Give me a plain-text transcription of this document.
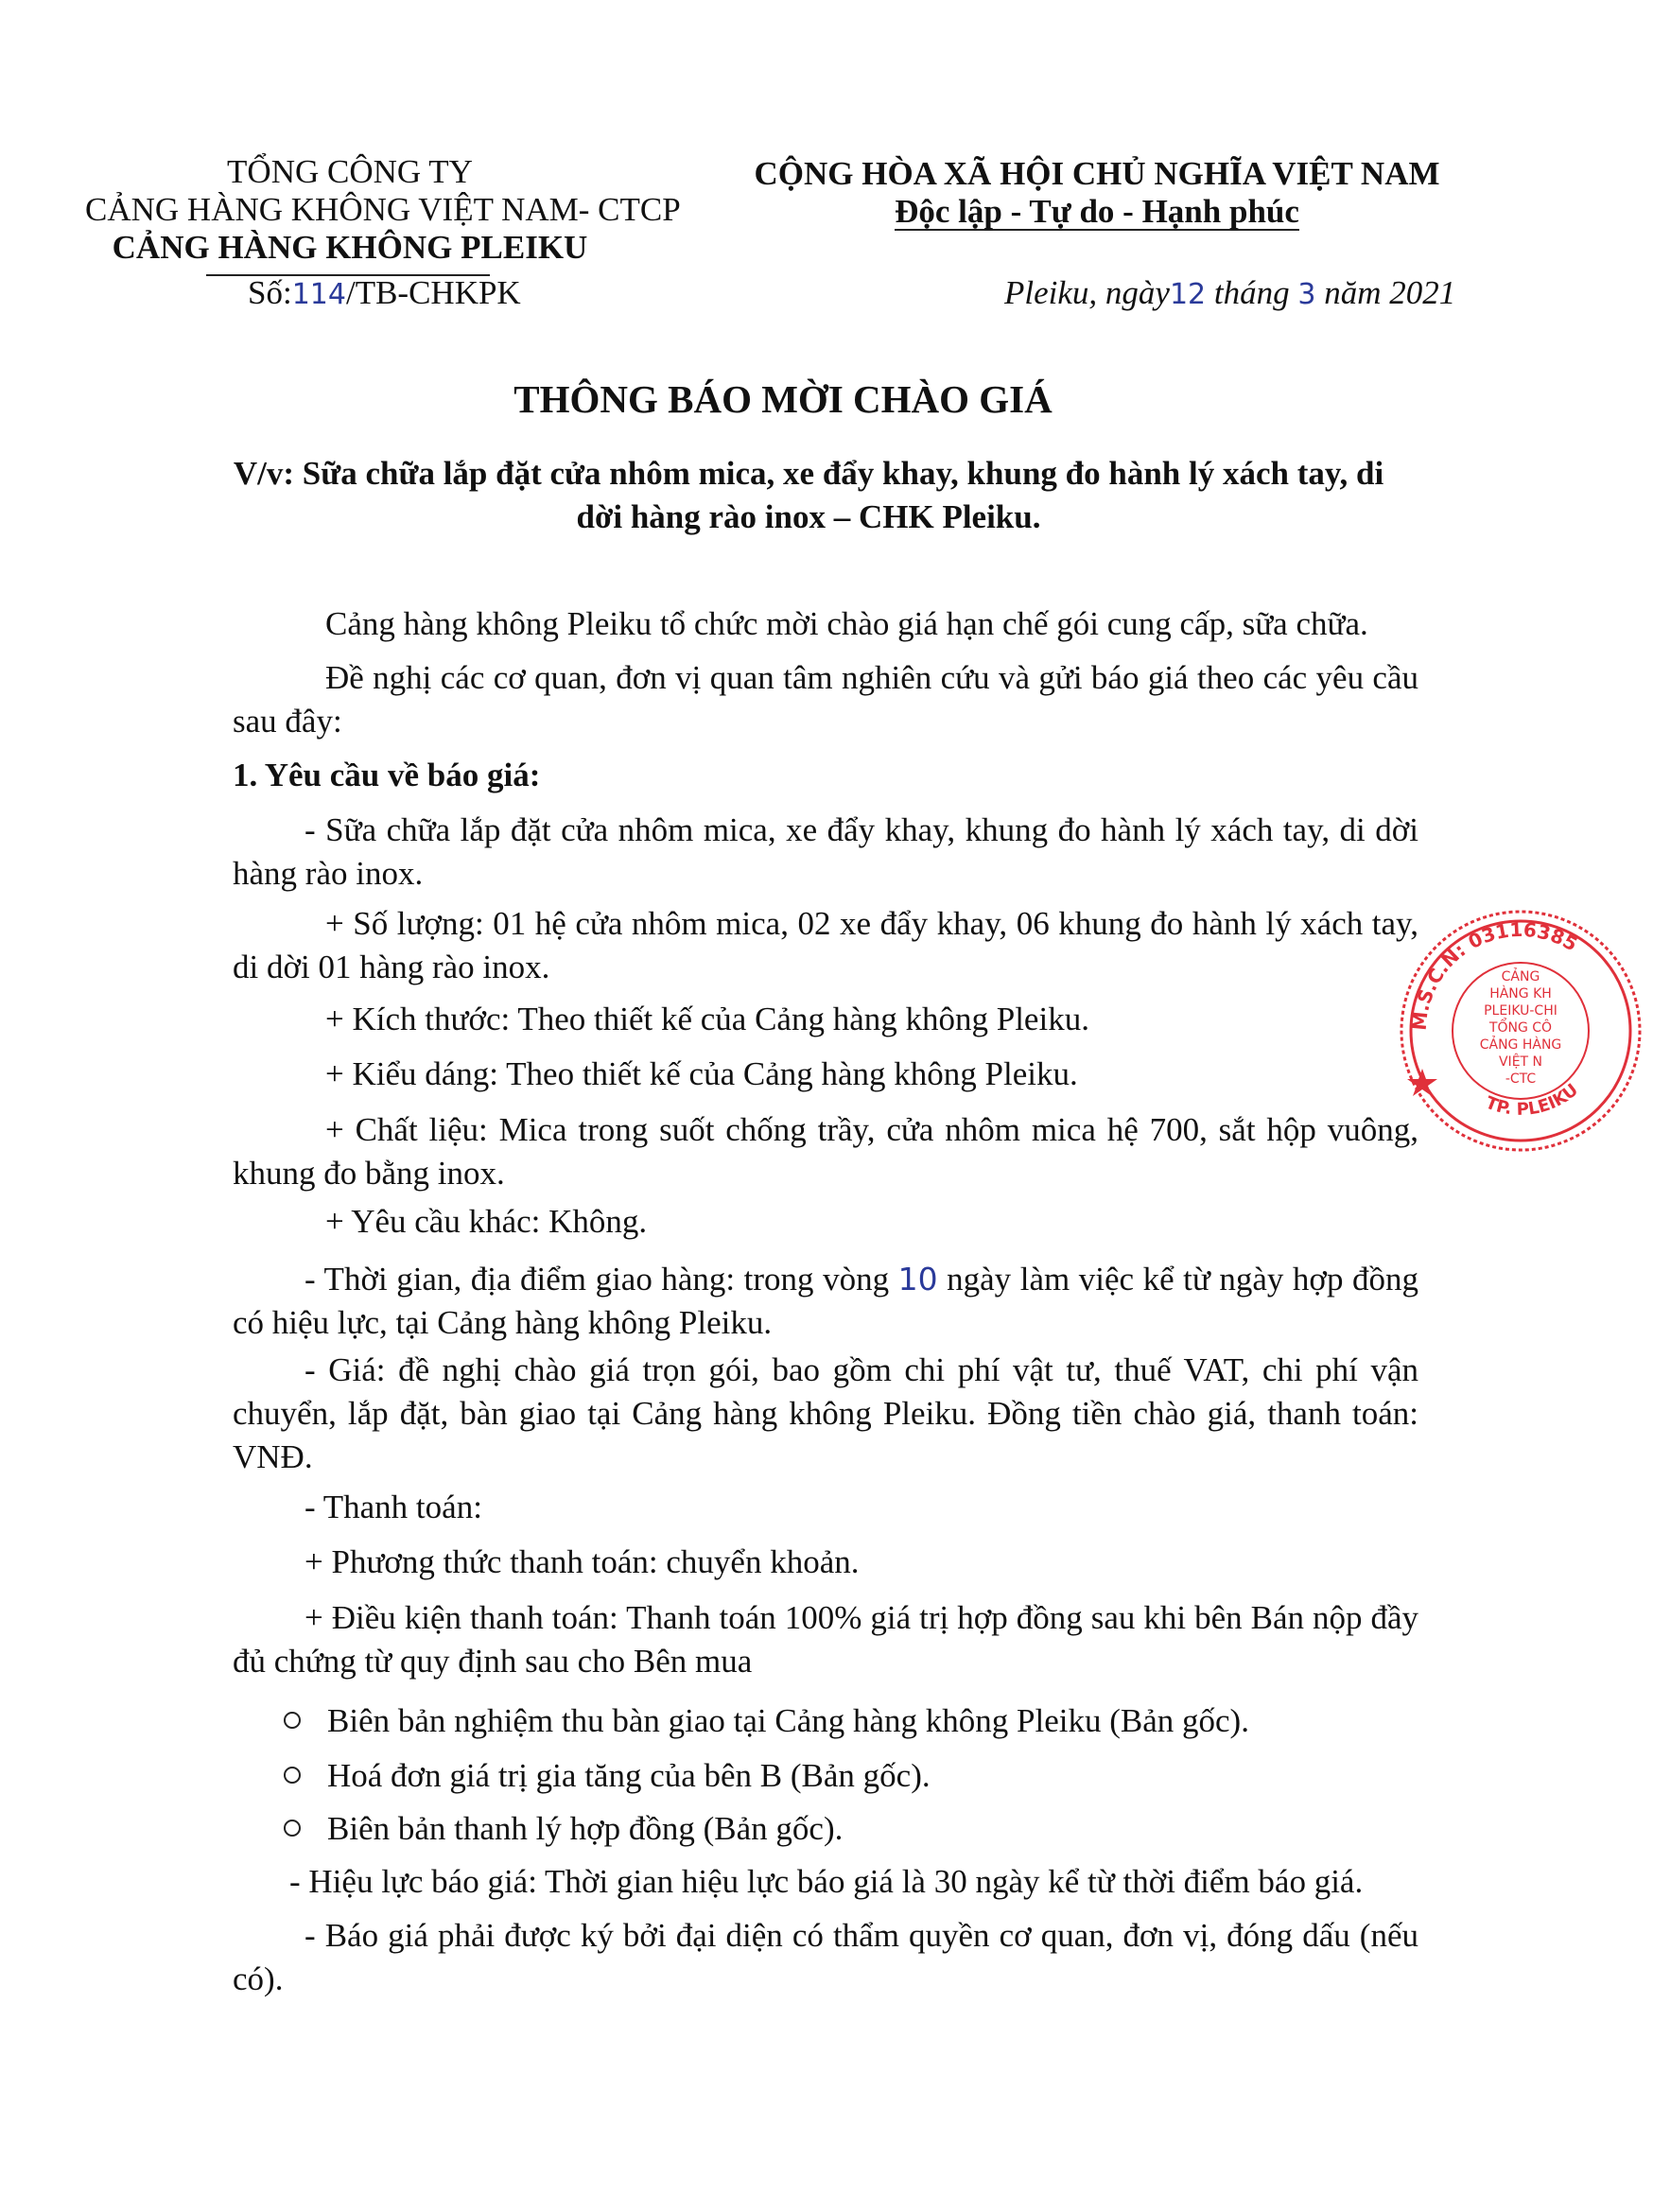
TỔNG CÔNG TY
CẢNG HÀNG KHÔNG VIỆT NAM- CTCP
CẢNG HÀNG KHÔNG PLEIKU
Số:114/TB-CHKPK
CỘNG HÒA XÃ HỘI CHỦ NGHĨA VIỆT NAM
Độc lập - Tự do - Hạnh phúc
Pleiku, ngày12 tháng 3 năm 2021
THÔNG BÁO MỜI CHÀO GIÁ
V/v: Sữa chữa lắp đặt cửa nhôm mica, xe đẩy khay, khung đo hành lý xách tay, di
dời hàng rào inox – CHK Pleiku.
Cảng hàng không Pleiku tổ chức mời chào giá hạn chế gói cung cấp, sữa chữa.
Đề nghị các cơ quan, đơn vị quan tâm nghiên cứu và gửi báo giá theo các yêu cầu sau đây:
1. Yêu cầu về báo giá:
- Sữa chữa lắp đặt cửa nhôm mica, xe đẩy khay, khung đo hành lý xách tay, di dời hàng rào inox.
+ Số lượng: 01 hệ cửa nhôm mica, 02 xe đẩy khay, 06 khung đo hành lý xách tay, di dời 01 hàng rào inox.
+ Kích thước: Theo thiết kế của Cảng hàng không Pleiku.
+ Kiểu dáng: Theo thiết kế của Cảng hàng không Pleiku.
+ Chất liệu: Mica trong suốt chống trầy, cửa nhôm mica hệ 700, sắt hộp vuông, khung đo bằng inox.
+ Yêu cầu khác: Không.
- Thời gian, địa điểm giao hàng: trong vòng 10 ngày làm việc kể từ ngày hợp đồng có hiệu lực, tại Cảng hàng không Pleiku.
- Giá: đề nghị chào giá trọn gói, bao gồm chi phí vật tư, thuế VAT, chi phí vận chuyển, lắp đặt, bàn giao tại Cảng hàng không Pleiku. Đồng tiền chào giá, thanh toán: VNĐ.
- Thanh toán:
+ Phương thức thanh toán: chuyển khoản.
+ Điều kiện thanh toán: Thanh toán 100% giá trị hợp đồng sau khi bên Bán nộp đầy đủ chứng từ quy định sau cho Bên mua
Biên bản nghiệm thu bàn giao tại Cảng hàng không Pleiku (Bản gốc).
Hoá đơn giá trị gia tăng của bên B (Bản gốc).
Biên bản thanh lý hợp đồng (Bản gốc).
- Hiệu lực báo giá: Thời gian hiệu lực báo giá là 30 ngày kể từ thời điểm báo giá.
- Báo giá phải được ký bởi đại diện có thẩm quyền cơ quan, đơn vị, đóng dấu (nếu có).
M.S.C.N: 03116385
TP. PLEIKU
CẢNG
HÀNG KH
PLEIKU-CHI
TỔNG CÔ
CẢNG HÀNG
VIỆT N
-CTC
